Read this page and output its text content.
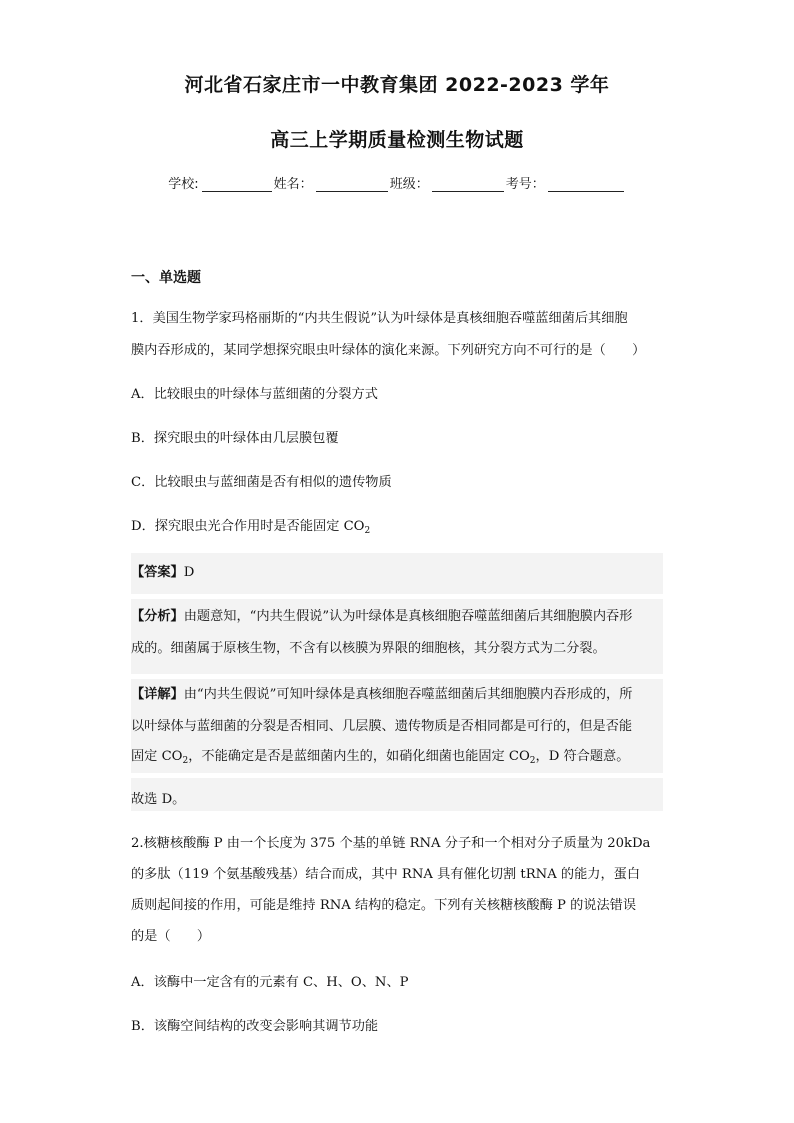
河北省石家庄市一中教育集团 2022-2023 学年
高三上学期质量检测生物试题
学校:	姓名：	班级：	考号：
一、单选题
1．美国生物学家玛格丽斯的“内共生假说”认为叶绿体是真核细胞吞噬蓝细菌后其细胞
膜内吞形成的，某同学想探究眼虫叶绿体的演化来源。下列研究方向不可行的是（　　）
A．比较眼虫的叶绿体与蓝细菌的分裂方式
B．探究眼虫的叶绿体由几层膜包覆
C．比较眼虫与蓝细菌是否有相似的遗传物质
D．探究眼虫光合作用时是否能固定 $CO_2$
【答案】D
【分析】由题意知，“内共生假说”认为叶绿体是真核细胞吞噬蓝细菌后其细胞膜内吞形
成的。细菌属于原核生物，不含有以核膜为界限的细胞核，其分裂方式为二分裂。
【详解】由“内共生假说”可知叶绿体是真核细胞吞噬蓝细菌后其细胞膜内吞形成的，所
以叶绿体与蓝细菌的分裂是否相同、几层膜、遗传物质是否相同都是可行的，但是否能
固定 $CO_2$，不能确定是否是蓝细菌内生的，如硝化细菌也能固定 $CO_2$，D 符合题意。
故选 D。
2.核糖核酸酶 P 由一个长度为 375 个基的单链 RNA 分子和一个相对分子质量为 20kDa
的多肽（119 个氨基酸残基）结合而成，其中 RNA 具有催化切割 tRNA 的能力，蛋白
质则起间接的作用，可能是维持 RNA 结构的稳定。下列有关核糖核酸酶 P 的说法错误
的是（　　）
A．该酶中一定含有的元素有 C、H、O、N、P
B．该酶空间结构的改变会影响其调节功能
